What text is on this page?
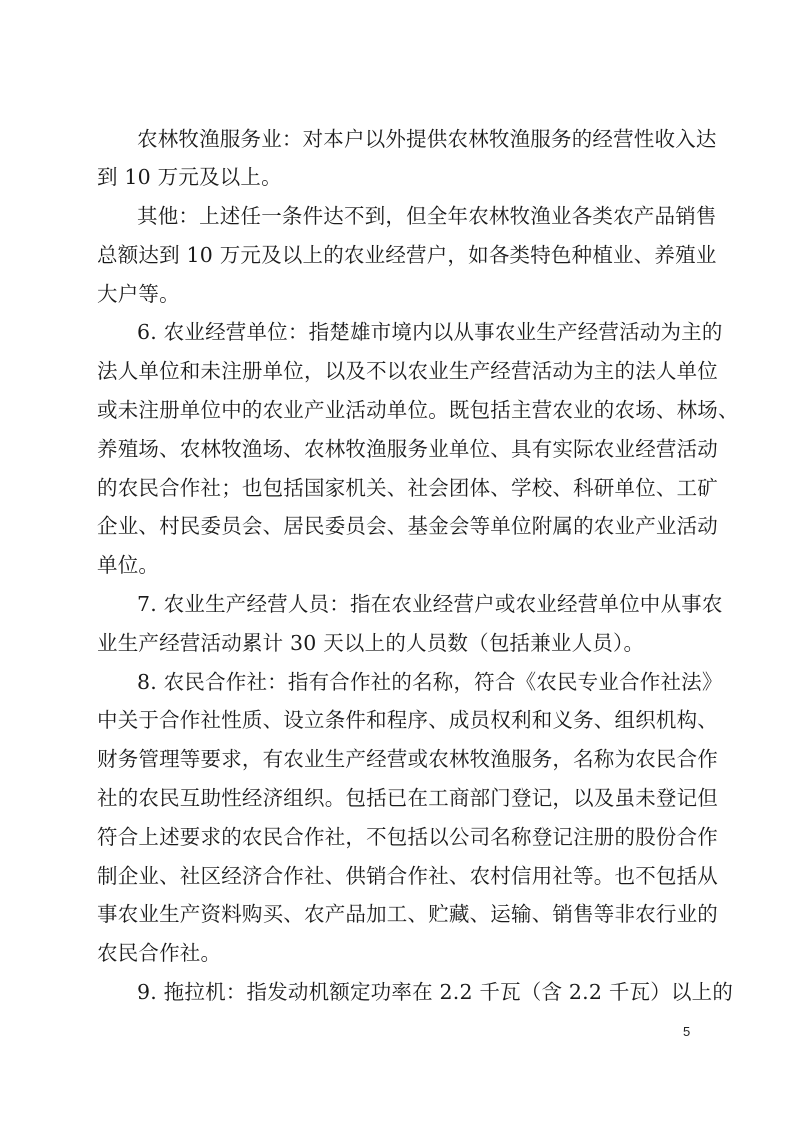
农林牧渔服务业：对本户以外提供农林牧渔服务的经营性收入达
到 10 万元及以上。
其他：上述任一条件达不到，但全年农林牧渔业各类农产品销售
总额达到 10 万元及以上的农业经营户，如各类特色种植业、养殖业
大户等。
6. 农业经营单位：指楚雄市境内以从事农业生产经营活动为主的
法人单位和未注册单位，以及不以农业生产经营活动为主的法人单位
或未注册单位中的农业产业活动单位。既包括主营农业的农场、林场、
养殖场、农林牧渔场、农林牧渔服务业单位、具有实际农业经营活动
的农民合作社；也包括国家机关、社会团体、学校、科研单位、工矿
企业、村民委员会、居民委员会、基金会等单位附属的农业产业活动
单位。
7. 农业生产经营人员：指在农业经营户或农业经营单位中从事农
业生产经营活动累计 30 天以上的人员数（包括兼业人员）。
8. 农民合作社：指有合作社的名称，符合《农民专业合作社法》
中关于合作社性质、设立条件和程序、成员权利和义务、组织机构、
财务管理等要求，有农业生产经营或农林牧渔服务，名称为农民合作
社的农民互助性经济组织。包括已在工商部门登记，以及虽未登记但
符合上述要求的农民合作社，不包括以公司名称登记注册的股份合作
制企业、社区经济合作社、供销合作社、农村信用社等。也不包括从
事农业生产资料购买、农产品加工、贮藏、运输、销售等非农行业的
农民合作社。
9. 拖拉机：指发动机额定功率在 2.2 千瓦（含 2.2 千瓦）以上的
5
